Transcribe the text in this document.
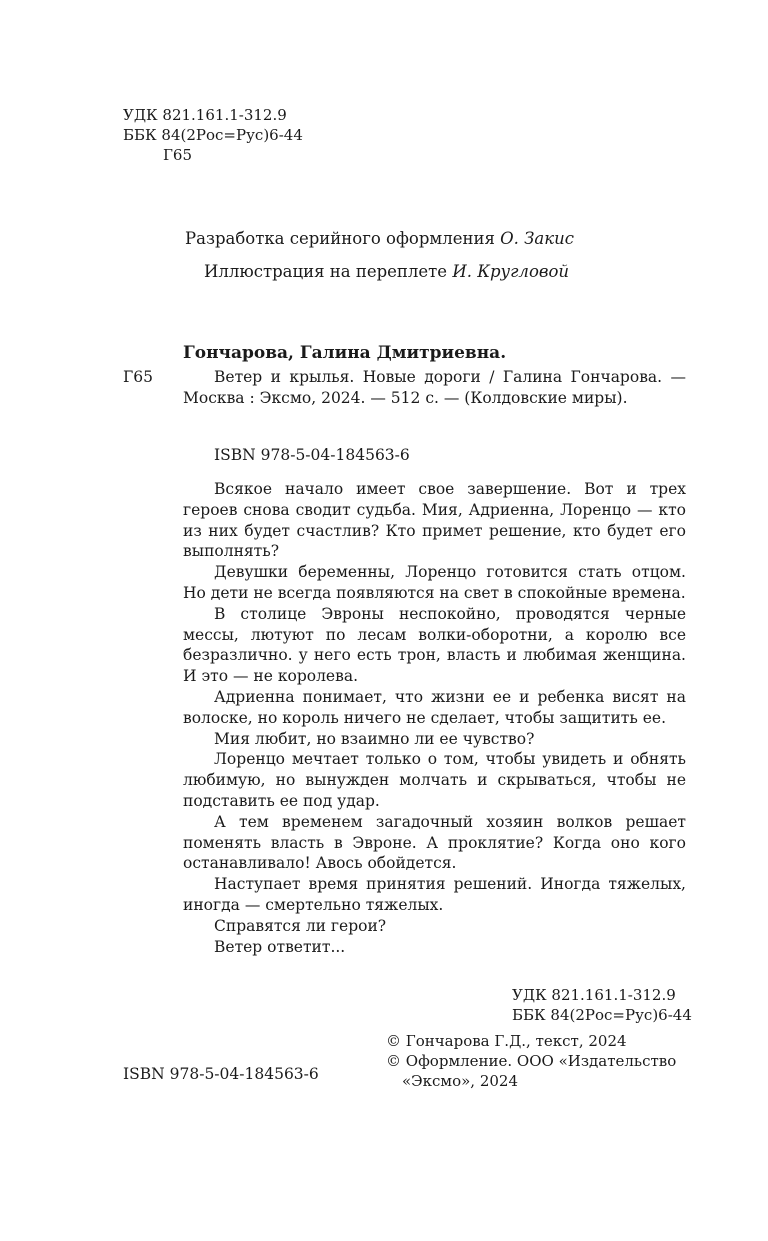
УДК 821.161.1-312.9
ББК 84(2Рос=Рус)6-44
Г65
Разработка серийного оформления О. Закис
Иллюстрация на переплете И. Кругловой
Гончарова, Галина Дмитриевна.
Г65	Ветер и крылья. Новые дороги / Галина Гончарова. — Москва : Эксмо, 2024. — 512 с. — (Колдовские миры).
ISBN 978-5-04-184563-6

Всякое начало имеет свое завершение. Вот и трех героев снова сводит судьба. Мия, Адриенна, Лоренцо — кто из них будет счастлив? Кто примет решение, кто будет его выполнять?

Девушки беременны, Лоренцо готовится стать отцом. Но дети не всегда появляются на свет в спокойные времена.

В столице Эвроны неспокойно, проводятся черные мессы, лютуют по лесам волки-оборотни, а королю все безразлично. у него есть трон, власть и любимая женщина. И это — не королева.

Адриенна понимает, что жизни ее и ребенка висят на волоске, но король ничего не сделает, чтобы защитить ее.

Мия любит, но взаимно ли ее чувство?

Лоренцо мечтает только о том, чтобы увидеть и обнять любимую, но вынужден молчать и скрываться, чтобы не подставить ее под удар.

А тем временем загадочный хозяин волков решает поменять власть в Эвроне. А проклятие? Когда оно кого останавливало! Авось обойдется.

Наступает время принятия решений. Иногда тяжелых, иногда — смертельно тяжелых.

Справятся ли герои?

Ветер ответит...

УДК 821.161.1-312.9
ББК 84(2Рос=Рус)6-44
© Гончарова Г.Д., текст, 2024
© Оформление. ООО «Издательство
«Эксмо», 2024
ISBN 978-5-04-184563-6
